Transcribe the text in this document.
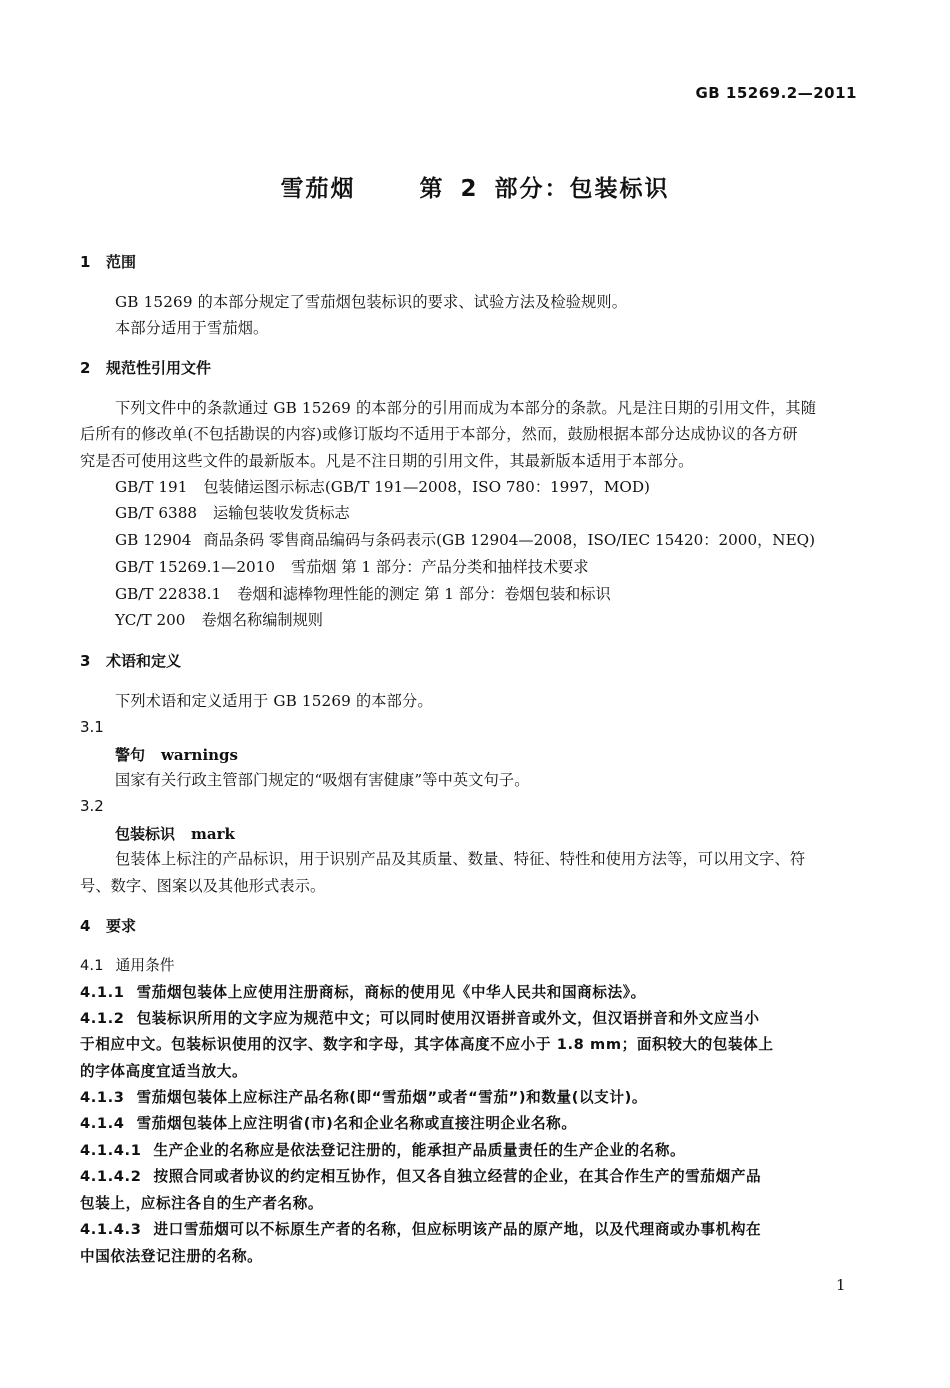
GB 15269.2—2011
雪茄烟    第 2 部分：包装标识
1 范围
GB 15269 的本部分规定了雪茄烟包装标识的要求、试验方法及检验规则。
本部分适用于雪茄烟。
2 规范性引用文件
下列文件中的条款通过 GB 15269 的本部分的引用而成为本部分的条款。凡是注日期的引用文件，其随
后所有的修改单(不包括勘误的内容)或修订版均不适用于本部分，然而，鼓励根据本部分达成协议的各方研
究是否可使用这些文件的最新版本。凡是不注日期的引用文件，其最新版本适用于本部分。
GB/T 191 包装储运图示标志(GB/T 191—2008，ISO 780：1997，MOD)
GB/T 6388 运输包装收发货标志
GB 12904 商品条码 零售商品编码与条码表示(GB 12904—2008，ISO/IEC 15420：2000，NEQ)
GB/T 15269.1—2010 雪茄烟 第 1 部分：产品分类和抽样技术要求
GB/T 22838.1 卷烟和滤棒物理性能的测定 第 1 部分：卷烟包装和标识
YC/T 200 卷烟名称编制规则
3 术语和定义
下列术语和定义适用于 GB 15269 的本部分。
3.1
警句 warnings
国家有关行政主管部门规定的“吸烟有害健康”等中英文句子。
3.2
包装标识 mark
包装体上标注的产品标识，用于识别产品及其质量、数量、特征、特性和使用方法等，可以用文字、符
号、数字、图案以及其他形式表示。
4 要求
4.1 通用条件
4.1.1 雪茄烟包装体上应使用注册商标，商标的使用见《中华人民共和国商标法》。
4.1.2 包装标识所用的文字应为规范中文；可以同时使用汉语拼音或外文，但汉语拼音和外文应当小
于相应中文。包装标识使用的汉字、数字和字母，其字体高度不应小于 1.8 mm；面积较大的包装体上
的字体高度宜适当放大。
4.1.3 雪茄烟包装体上应标注产品名称(即“雪茄烟”或者“雪茄”)和数量(以支计)。
4.1.4 雪茄烟包装体上应注明省(市)名和企业名称或直接注明企业名称。
4.1.4.1 生产企业的名称应是依法登记注册的，能承担产品质量责任的生产企业的名称。
4.1.4.2 按照合同或者协议的约定相互协作，但又各自独立经营的企业，在其合作生产的雪茄烟产品
包装上，应标注各自的生产者名称。
4.1.4.3 进口雪茄烟可以不标原生产者的名称，但应标明该产品的原产地，以及代理商或办事机构在
中国依法登记注册的名称。
1
